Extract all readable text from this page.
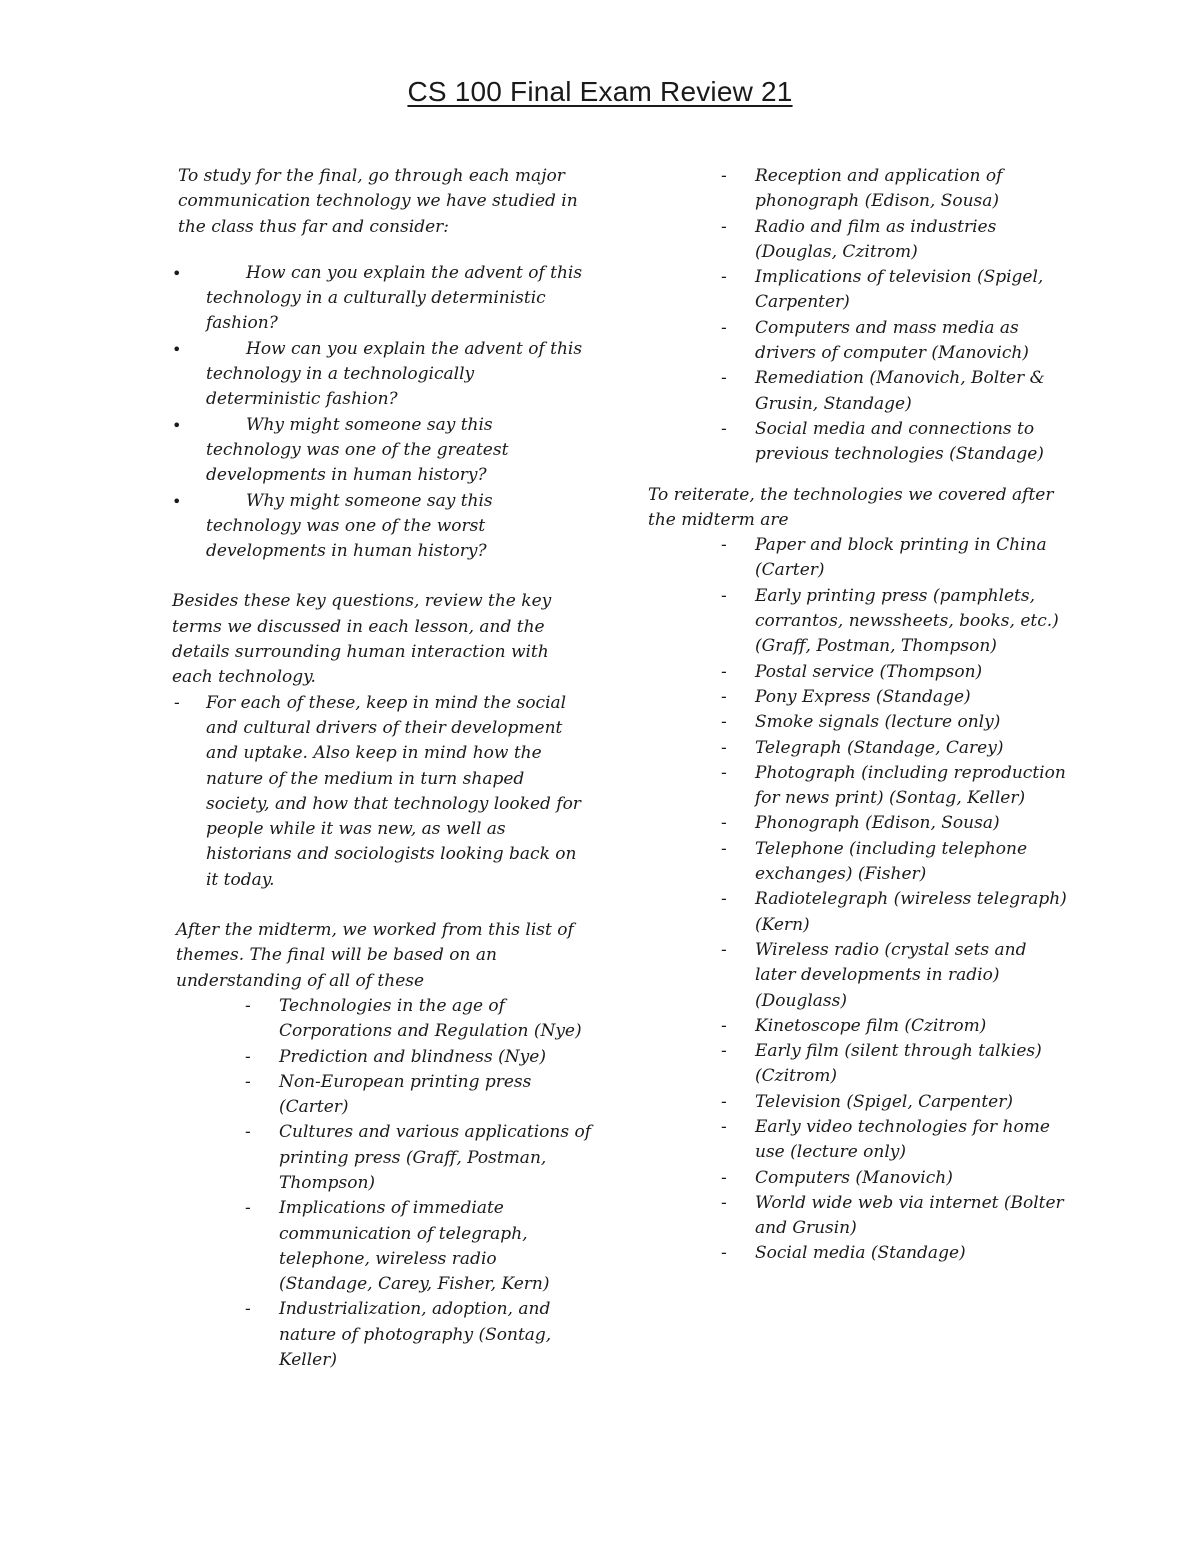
CS 100 Final Exam Review 21

To study for the final, go through each major communication technology we have studied in the class thus far and consider:

•	How can you explain the advent of this technology in a culturally deterministic fashion?
•	How can you explain the advent of this technology in a technologically deterministic fashion?
•	Why might someone say this technology was one of the greatest developments in human history?
•	Why might someone say this technology was one of the worst developments in human history?

Besides these key questions, review the key terms we discussed in each lesson, and the details surrounding human interaction with each technology.

- For each of these, keep in mind the social and cultural drivers of their development and uptake. Also keep in mind how the nature of the medium in turn shaped society, and how that technology looked for people while it was new, as well as historians and sociologists looking back on it today.

After the midterm, we worked from this list of themes. The final will be based on an understanding of all of these

- Technologies in the age of Corporations and Regulation (Nye)
- Prediction and blindness (Nye)
- Non-European printing press (Carter)
- Cultures and various applications of printing press (Graff, Postman, Thompson)
- Implications of immediate communication of telegraph, telephone, wireless radio (Standage, Carey, Fisher, Kern)
- Industrialization, adoption, and nature of photography (Sontag, Keller)
- Reception and application of phonograph (Edison, Sousa)
- Radio and film as industries (Douglas, Czitrom)
- Implications of television (Spigel, Carpenter)
- Computers and mass media as drivers of computer (Manovich)
- Remediation (Manovich, Bolter & Grusin, Standage)
- Social media and connections to previous technologies (Standage)

To reiterate, the technologies we covered after the midterm are

- Paper and block printing in China (Carter)
- Early printing press (pamphlets, corrantos, newssheets, books, etc.) (Graff, Postman, Thompson)
- Postal service (Thompson)
- Pony Express (Standage)
- Smoke signals (lecture only)
- Telegraph (Standage, Carey)
- Photograph (including reproduction for news print) (Sontag, Keller)
- Phonograph (Edison, Sousa)
- Telephone (including telephone exchanges) (Fisher)
- Radiotelegraph (wireless telegraph) (Kern)
- Wireless radio (crystal sets and later developments in radio) (Douglass)
- Kinetoscope film (Czitrom)
- Early film (silent through talkies) (Czitrom)
- Television (Spigel, Carpenter)
- Early video technologies for home use (lecture only)
- Computers (Manovich)
- World wide web via internet (Bolter and Grusin)
- Social media (Standage)
